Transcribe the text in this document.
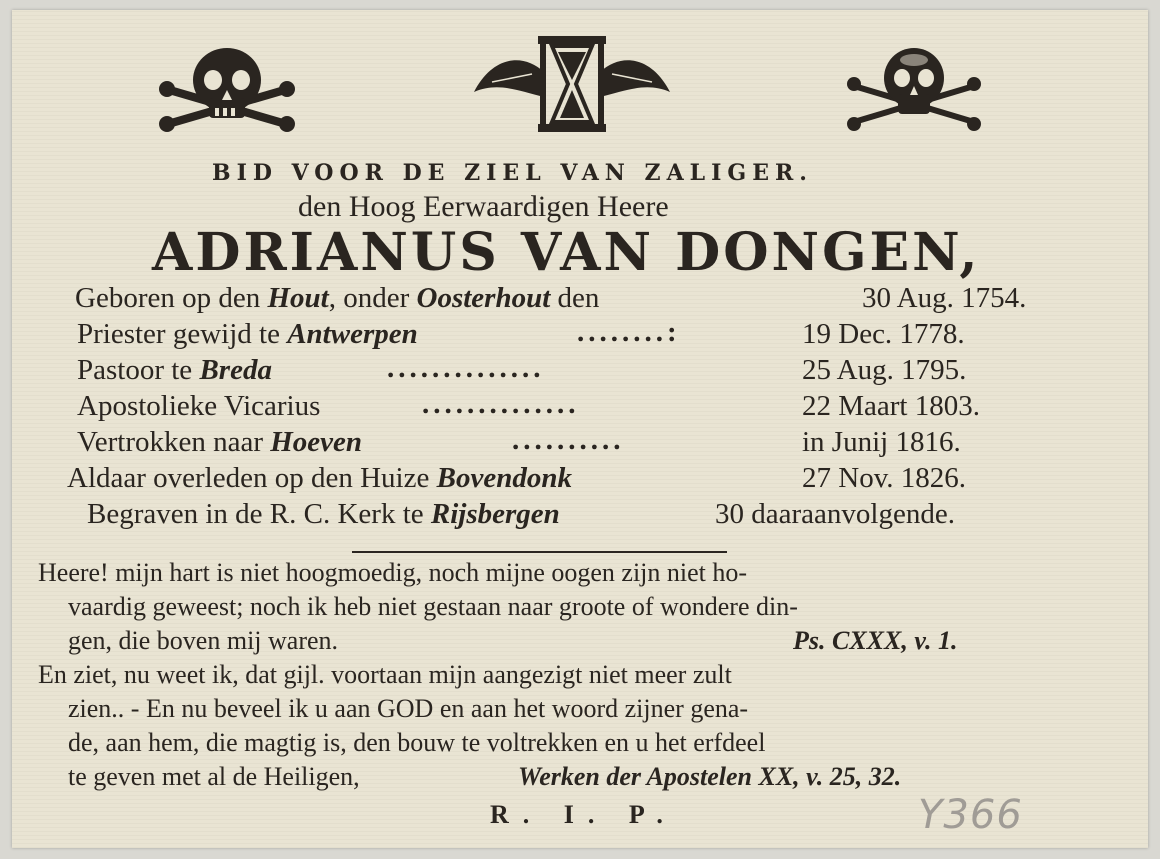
BID VOOR DE ZIEL VAN ZALIGER.
den Hoog Eerwaardigen Heere
ADRIANUS VAN DONGEN,
Geboren op den Hout, onder Oosterhout den	30 Aug. 1754.
Priester gewijd te Antwerpen	........:	19 Dec. 1778.
Pastoor te Breda	..............	25 Aug. 1795.
Apostolieke Vicarius	..............	22 Maart 1803.
Vertrokken naar Hoeven	..........	in Junij 1816.
Aldaar overleden op den Huize Bovendonk	27 Nov. 1826.
Begraven in de R. C. Kerk te Rijsbergen	30 daaraanvolgende.
Heere! mijn hart is niet hoogmoedig, noch mijne oogen zijn niet ho-
vaardig geweest; noch ik heb niet gestaan naar groote of wondere din-
gen, die boven mij waren.	Ps. CXXX, v. 1.
En ziet, nu weet ik, dat gijl. voortaan mijn aangezigt niet meer zult
zien.. - En nu beveel ik u aan GOD en aan het woord zijner gena-
de, aan hem, die magtig is, den bouw te voltrekken en u het erfdeel
te geven met al de Heiligen,	Werken der Apostelen XX, v. 25, 32.
R. I. P.	Y366
